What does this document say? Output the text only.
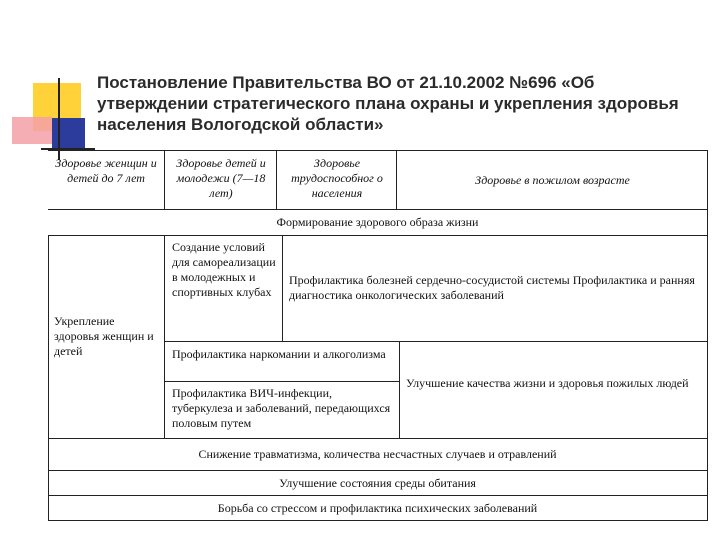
Постановление Правительства ВО от 21.10.2002 №696 «Об утверждении стратегического плана охраны и укрепления здоровья населения Вологодской области»
Здоровье женщин и детей до 7 лет
Здоровье детей и молодежи (7—18 лет)
Здоровье трудоспособног о населения
Здоровье в пожилом возрасте
Формирование здорового образа жизни
Укрепление здоровья женщин и детей
Создание условий для самореализации в молодежных и спортивных клубах
Профилактика болезней сердечно-сосудистой системы Профилактика и ранняя диагностика онкологических заболеваний
Профилактика наркомании и алкоголизма
Профилактика ВИЧ-инфекции, туберкулеза и заболеваний, передающихся половым путем
Улучшение качества жизни и здоровья пожилых людей
Снижение травматизма, количества несчастных случаев и отравлений
Улучшение состояния среды обитания
Борьба со стрессом и профилактика психических заболеваний
